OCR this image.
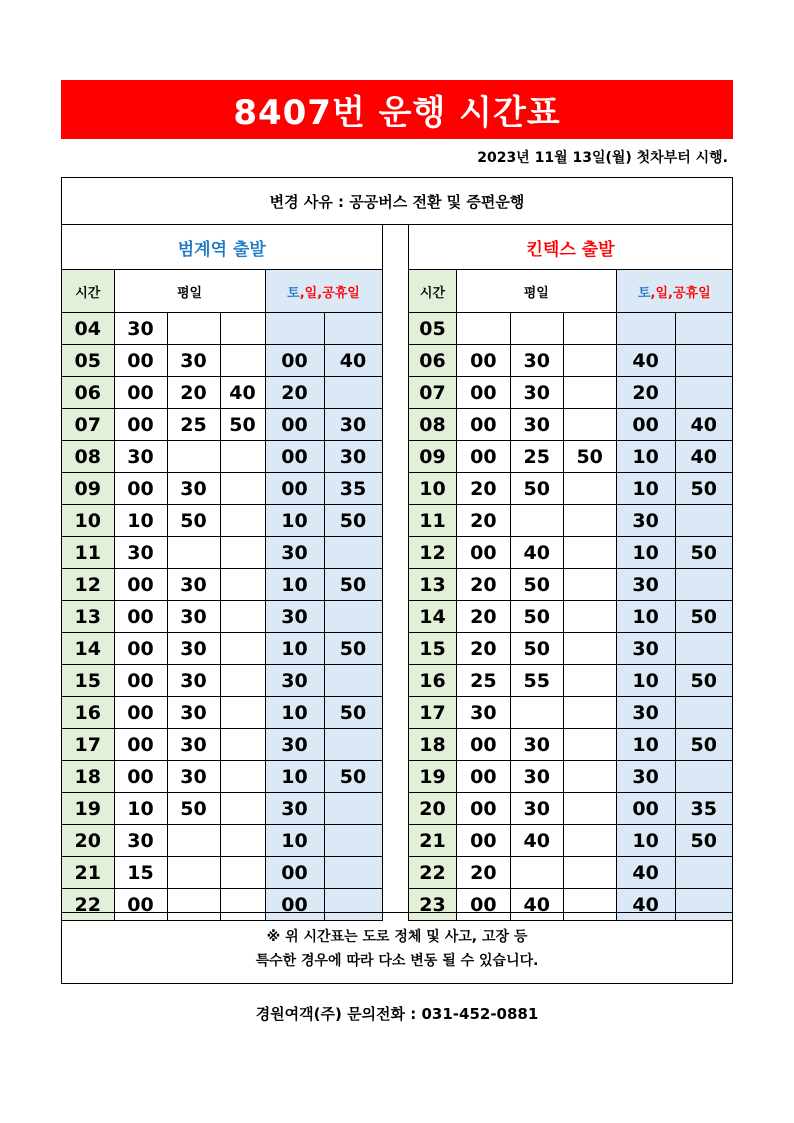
8407번 운행 시간표
2023년 11월 13일(월) 첫차부터 시행.
변경 사유 : 공공버스 전환 및 증편운행
범계역 출발					
시간	평일			토,일,공휴일	
04	30				
05	00	30		00	40
06	00	20	40	20	
07	00	25	50	00	30
08	30			00	30
09	00	30		00	35
10	10	50		10	50
11	30			30	
12	00	30		10	50
13	00	30		30	
14	00	30		10	50
15	00	30		30	
16	00	30		10	50
17	00	30		30	
18	00	30		10	50
19	10	50		30	
20	30			10	
21	15			00	
22	00			00	
킨텍스 출발					
시간	평일			토,일,공휴일	
05					
06	00	30		40	
07	00	30		20	
08	00	30		00	40
09	00	25	50	10	40
10	20	50		10	50
11	20			30	
12	00	40		10	50
13	20	50		30	
14	20	50		10	50
15	20	50		30	
16	25	55		10	50
17	30			30	
18	00	30		10	50
19	00	30		30	
20	00	30		00	35
21	00	40		10	50
22	20			40	
23	00	40		40	
※ 위 시간표는 도로 정체 및 사고, 고장 등
특수한 경우에 따라 다소 변동 될 수 있습니다.
경원여객(주) 문의전화 : 031-452-0881
